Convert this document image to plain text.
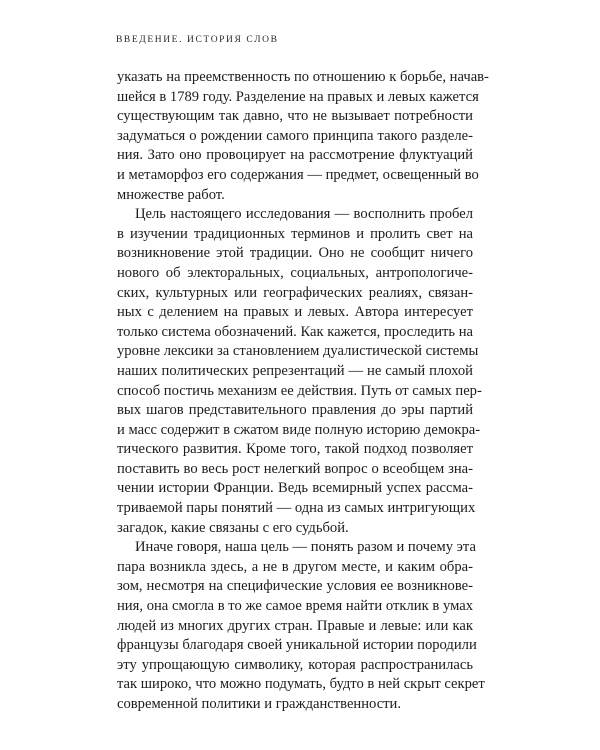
ВВЕДЕНИЕ. ИСТОРИЯ СЛОВ
указать на преемственность по отношению к борьбе, начав-
шейся в 1789 году. Разделение на правых и левых кажется
существующим так давно, что не вызывает потребности
задуматься о рождении самого принципа такого разделе-
ния. Зато оно провоцирует на рассмотрение флуктуаций
и метаморфоз его содержания — предмет, освещенный во
множестве работ.
Цель настоящего исследования — восполнить пробел
в изучении традиционных терминов и пролить свет на
возникновение этой традиции. Оно не сообщит ничего
нового об электоральных, социальных, антропологиче-
ских, культурных или географических реалиях, связан-
ных с делением на правых и левых. Автора интересует
только система обозначений. Как кажется, проследить на
уровне лексики за становлением дуалистической системы
наших политических репрезентаций — не самый плохой
способ постичь механизм ее действия. Путь от самых пер-
вых шагов представительного правления до эры партий
и масс содержит в сжатом виде полную историю демокра-
тического развития. Кроме того, такой подход позволяет
поставить во весь рост нелегкий вопрос о всеобщем зна-
чении истории Франции. Ведь всемирный успех рассма-
триваемой пары понятий — одна из самых интригующих
загадок, какие связаны с его судьбой.
Иначе говоря, наша цель — понять разом и почему эта
пара возникла здесь, а не в другом месте, и каким обра-
зом, несмотря на специфические условия ее возникнове-
ния, она смогла в то же самое время найти отклик в умах
людей из многих других стран. Правые и левые: или как
французы благодаря своей уникальной истории породили
эту упрощающую символику, которая распространилась
так широко, что можно подумать, будто в ней скрыт секрет
современной политики и гражданственности.
